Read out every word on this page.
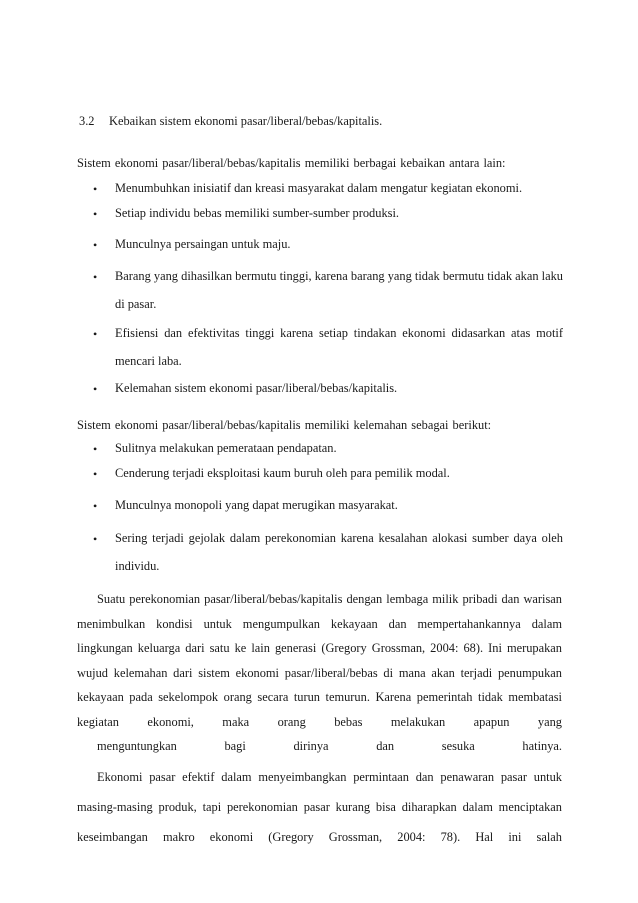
3.2 Kebaikan sistem ekonomi pasar/liberal/bebas/kapitalis.
Sistem ekonomi pasar/liberal/bebas/kapitalis memiliki berbagai kebaikan antara lain:
• Menumbuhkan inisiatif dan kreasi masyarakat dalam mengatur kegiatan ekonomi.
• Setiap individu bebas memiliki sumber-sumber produksi.
• Munculnya persaingan untuk maju.
• Barang yang dihasilkan bermutu tinggi, karena barang yang tidak bermutu tidak akan laku di pasar.
• Efisiensi dan efektivitas tinggi karena setiap tindakan ekonomi didasarkan atas motif mencari laba.
• Kelemahan sistem ekonomi pasar/liberal/bebas/kapitalis.
Sistem ekonomi pasar/liberal/bebas/kapitalis memiliki kelemahan sebagai berikut:
• Sulitnya melakukan pemerataan pendapatan.
• Cenderung terjadi eksploitasi kaum buruh oleh para pemilik modal.
• Munculnya monopoli yang dapat merugikan masyarakat.
• Sering terjadi gejolak dalam perekonomian karena kesalahan alokasi sumber daya oleh individu.
Suatu perekonomian pasar/liberal/bebas/kapitalis dengan lembaga milik pribadi dan warisan menimbulkan kondisi untuk mengumpulkan kekayaan dan mempertahankannya dalam lingkungan keluarga dari satu ke lain generasi (Gregory Grossman, 2004: 68). Ini merupakan wujud kelemahan dari sistem ekonomi pasar/liberal/bebas di mana akan terjadi penumpukan kekayaan pada sekelompok orang secara turun temurun. Karena pemerintah tidak membatasi kegiatan ekonomi, maka orang bebas melakukan apapun yang
menguntungkan bagi dirinya dan sesuka hatinya.
Ekonomi pasar efektif dalam menyeimbangkan permintaan dan penawaran pasar untuk masing-masing produk, tapi perekonomian pasar kurang bisa diharapkan dalam menciptakan keseimbangan makro ekonomi (Gregory Grossman, 2004: 78). Hal ini salah
